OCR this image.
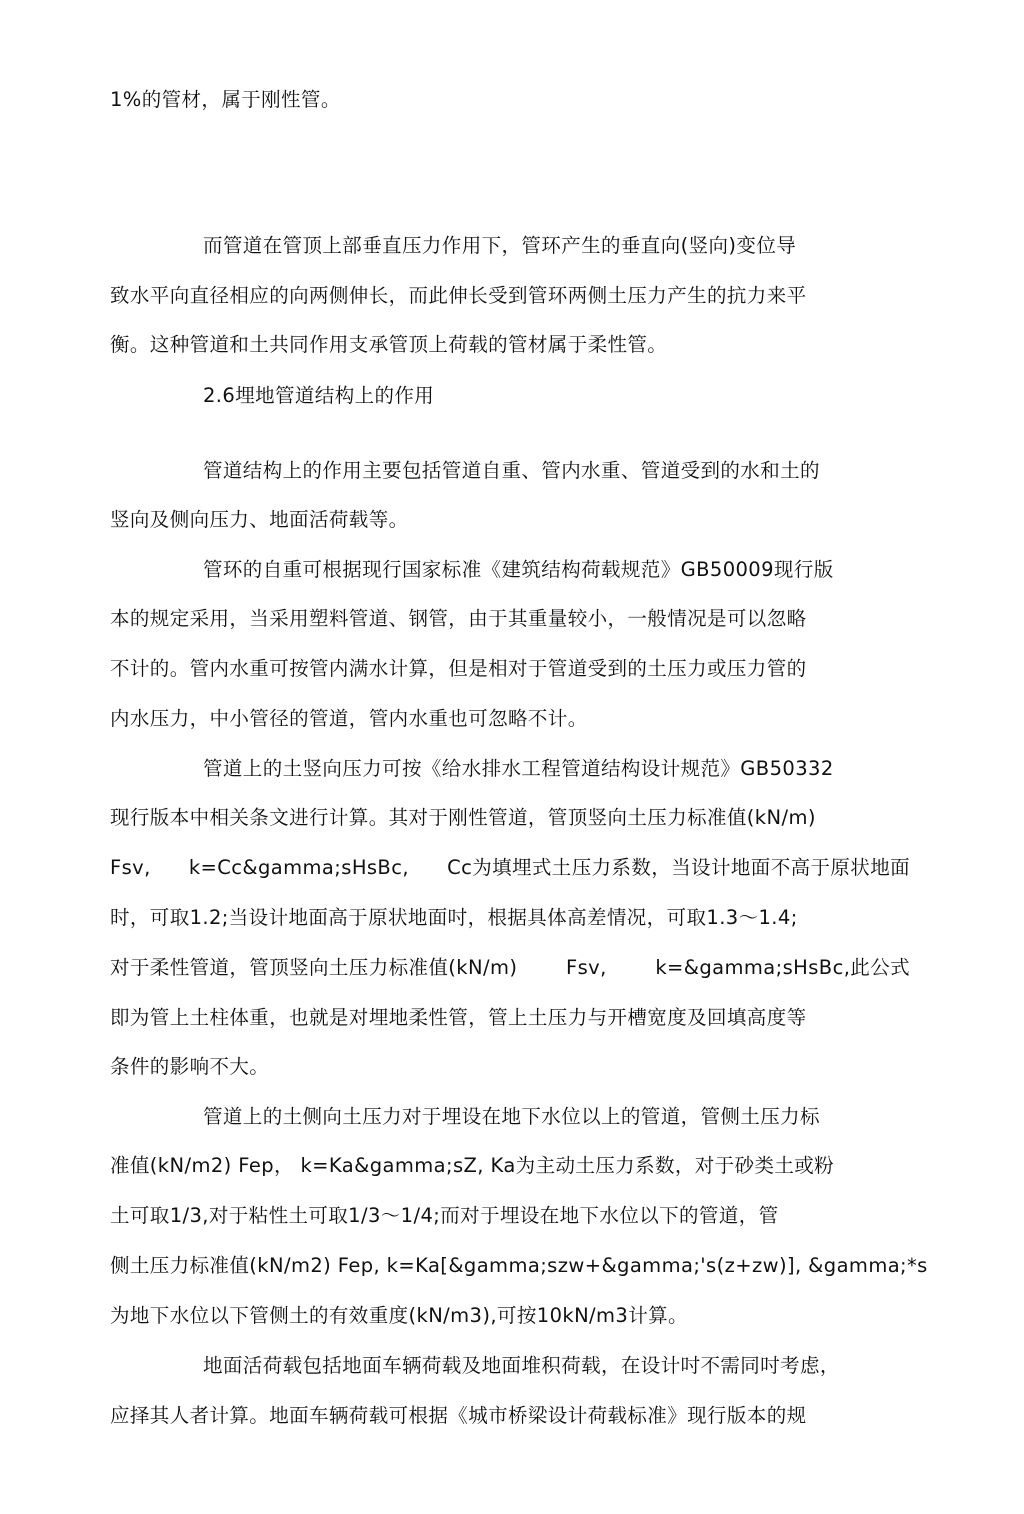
1%的管材，属于刚性管。
而管道在管顶上部垂直压力作用下，管环产生的垂直向(竖向)变位导
致水平向直径相应的向两侧伸长，而此伸长受到管环两侧土压力产生的抗力来平
衡。这种管道和土共同作用支承管顶上荷载的管材属于柔性管。
2.6埋地管道结构上的作用
管道结构上的作用主要包括管道自重、管内水重、管道受到的水和土的
竖向及侧向压力、地面活荷载等。
管环的自重可根据现行国家标准《建筑结构荷载规范》GB50009现行版
本的规定采用，当采用塑料管道、钢管，由于其重量较小，一般情况是可以忽略
不计的。管内水重可按管内满水计算，但是相对于管道受到的土压力或压力管的
内水压力，中小管径的管道，管内水重也可忽略不计。
管道上的土竖向压力可按《给水排水工程管道结构设计规范》GB50332
现行版本中相关条文进行计算。其对于刚性管道，管顶竖向土压力标准值(kN/m)
Fsv, k=Cc&gamma;sHsBc, Cc为填埋式土压力系数，当设计地面不高于原状地面
时，可取1.2;当设计地面高于原状地面吋，根据具体高差情况，可取1.3～1.4;
对于柔性管道，管顶竖向土压力标准值(kN/m) Fsv, k=&gamma;sHsBc,此公式
即为管上土柱体重，也就是对埋地柔性管，管上土压力与开槽宽度及回填高度等
条件的影响不大。
管道上的土侧向土压力对于埋设在地下水位以上的管道，管侧土压力标
准值(kN/m2) Fep， k=Ka&gamma;sZ, Ka为主动土压力系数，对于砂类土或粉
土可取1/3,对于粘性土可取1/3～1/4;而对于埋设在地下水位以下的管道，管
侧土压力标准值(kN/m2) Fep, k=Ka[&gamma;szw+&gamma;'s(z+zw)], &gamma;*s
为地下水位以下管侧土的有效重度(kN/m3),可按10kN/m3计算。
地面活荷载包括地面车辆荷载及地面堆积荷载，在设计吋不需同吋考虑，
应择其人者计算。地面车辆荷载可根据《城市桥梁设计荷载标准》现行版本的规
